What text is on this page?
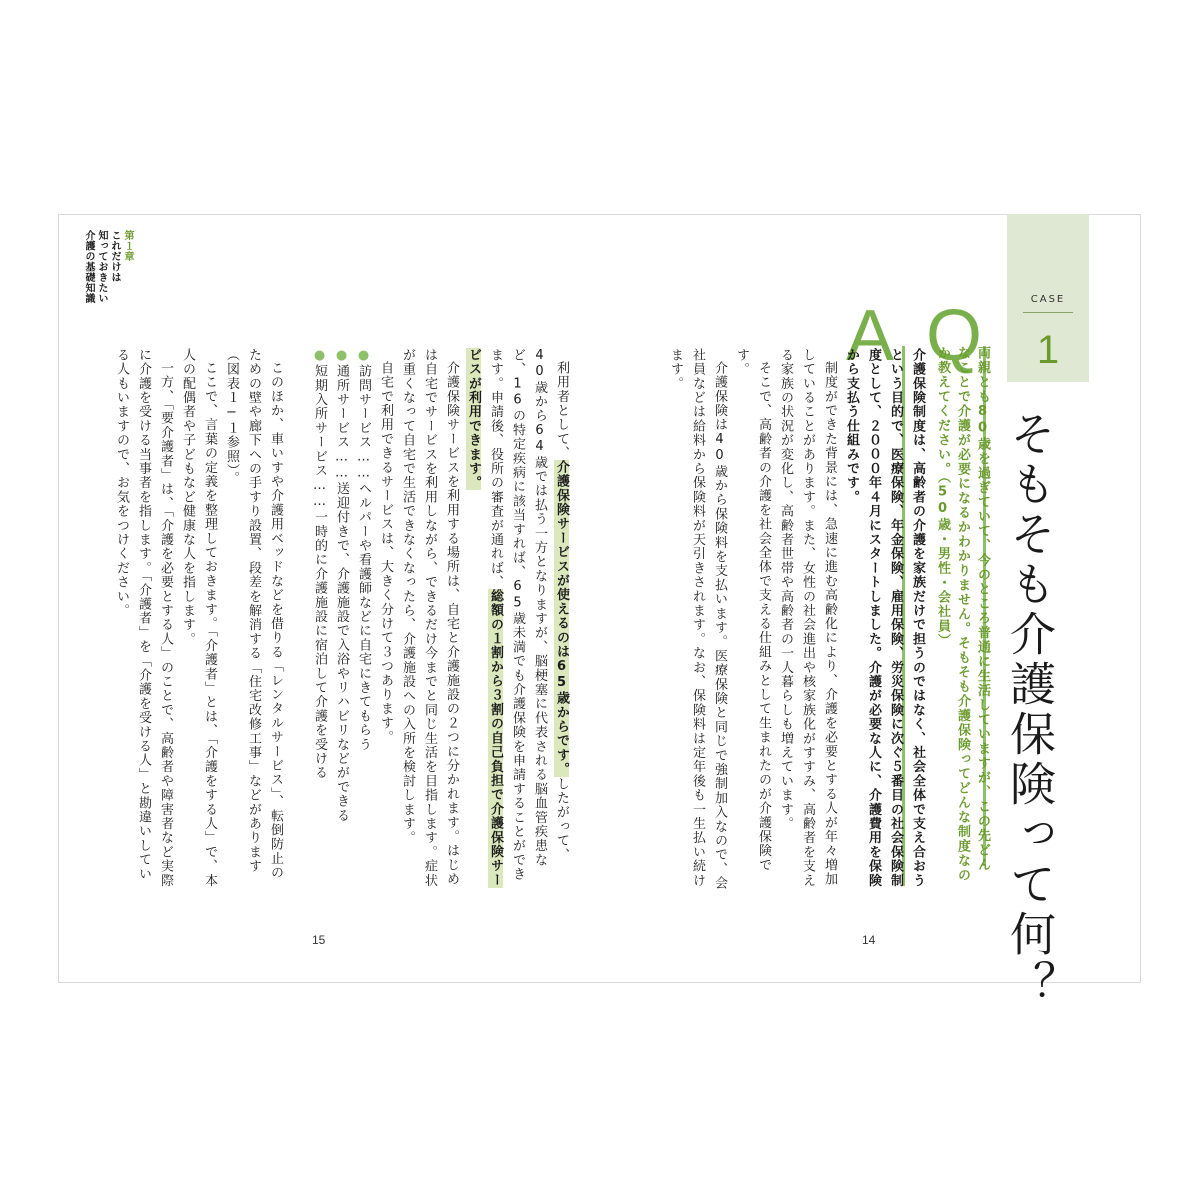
第１章
これだけは
知っておきたい
介護の基礎知識	CASE
1
そもそも介護保険って何？
Q
両親とも80歳を過ぎていて、今のところ普通に生活していますが、この先どんなことで介護が必要になるかわかりません。そもそも介護保険ってどんな制度なのか教えてください。（50歳・男性・会社員）
A

介護保険制度は、高齢者の介護を家族だけで担うのではなく、社会全体で支え合おうという目的で、医療保険、年金保険、雇用保険、労災保険に次ぐ５番目の社会保険制度として、２０００年４月にスタートしました。介護が必要な人に、介護費用を保険から支払う仕組みです。

制度ができた背景には、急速に進む高齢化により、介護を必要とする人が年々増加していることがあります。また、女性の社会進出や核家族化がすすみ、高齢者を支える家族の状況が変化し、高齢者世帯や高齢者の一人暮らしも増えています。

そこで、高齢者の介護を社会全体で支える仕組みとして生まれたのが介護保険です。

介護保険は40歳から保険料を支払います。医療保険と同じで強制加入なので、会社員などは給料から保険料が天引きされます。なお、保険料は定年後も一生払い続けます。

利用者として、介護保険サービスが使えるのは65歳からです。したがって、40歳から64歳では払う一方となりますが、脳梗塞に代表される脳血管疾患など、16の特定疾病に該当すれば、65歳未満でも介護保険を申請することができます。申請後、役所の審査が通れば、総額の１割から３割の自己負担で介護保険サービスが利用できます。

介護保険サービスを利用する場所は、自宅と介護施設の２つに分かれます。はじめは自宅でサービスを利用しながら、できるだけ今までと同じ生活を目指します。症状が重くなって自宅で生活できなくなったら、介護施設への入所を検討します。

自宅で利用できるサービスは、大きく分けて３つあります。

●訪問サービス……ヘルパーや看護師などに自宅にきてもらう

●通所サービス……送迎付きで、介護施設で入浴やリハビリなどができる

●短期入所サービス……一時的に介護施設に宿泊して介護を受ける

このほか、車いすや介護用ベッドなどを借りる「レンタルサービス」、転倒防止のための壁や廊下への手すり設置、段差を解消する「住宅改修工事」などがあります（図表１−１参照）。

ここで、言葉の定義を整理しておきます。「介護者」とは、「介護をする人」で、本人の配偶者や子どもなど健康な人を指します。

一方、「要介護者」は、「介護を必要とする人」のことで、高齢者や障害者など実際に介護を受ける当事者を指します。「介護者」を「介護を受ける人」と勘違いしている人もいますので、お気をつけください。

15	14
